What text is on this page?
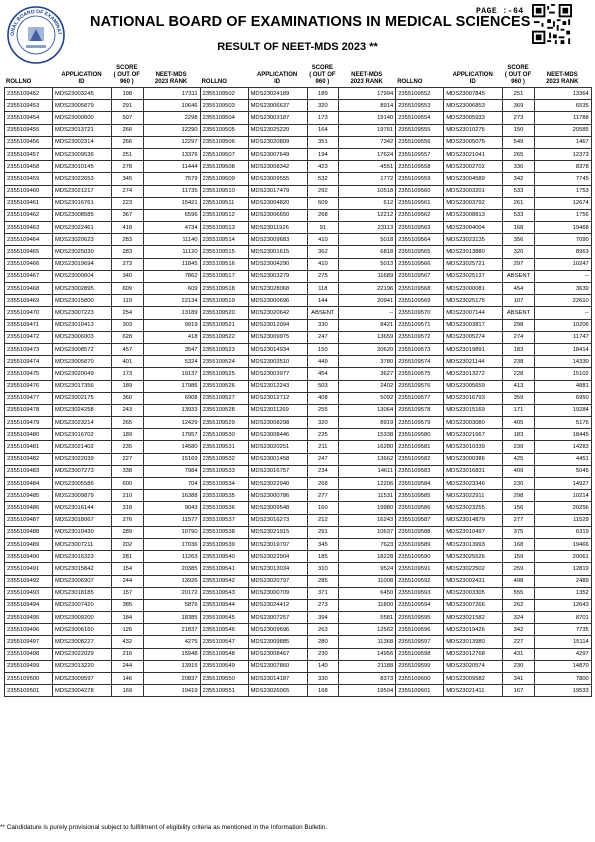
ONAL BOARD OF EXAMINAT
PAGE :-64
NATIONAL BOARD OF EXAMINATIONS IN MEDICAL SCIENCES
RESULT OF NEET-MDS 2023 **
ROLLNO
APPLICATION
ID
SCORE
( OUT OF 960 )
NEET-MDS
2023 RANK
2355109452	MDS23003245	198	17311
2355109453	MDS23005879	291	10646
2355109454	MDS23000600	507	2298
2355109455	MDS23013721	266	12290
2355109456	MDS23002314	266	12297
2355109457	MDS23009536	251	13376
2355109458	MDS23010145	278	11444
2355109459	MDS23022653	345	7579
2355109460	MDS23021217	274	11735
2355109461	MDS23016761	223	15421
2355109462	MDS23008585	367	6596
2355109463	MDS23022461	418	4734
2355109464	MDS23020623	283	11140
2355109465	MDS23025030	283	11120
2355109466	MDS23019694	273	11845
2355109467	MDS23000604	340	7862
2355109468	MDS23002895	609	609
2355109469	MDS23015800	119	22134
2355109470	MDS23007223	254	13189
2355109471	MDS23010413	303	9919
2355109472	MDS23006003	628	418
2355109473	MDS23008572	457	3547
2355109474	MDS23005870	401	5324
2355109475	MDS23020049	173	19137
2355109476	MDS23017356	189	17986
2355109477	MDS23002175	360	6908
2355109478	MDS23024258	243	13933
2355109479	MDS23023214	265	12429
2355109480	MDS23016702	189	17957
2355109481	MDS23021402	235	14580
2355109482	MDS23022039	227	15169
2355109483	MDS23007273	338	7984
2355109484	MDS23005586	600	704
2355109485	MDS23009879	210	16388
2355109486	MDS23016144	318	9043
2355109487	MDS23018067	276	11577
2355109488	MDS23010430	289	10790
2355109489	MDS23007211	202	17036
2355109490	MDS23016323	281	11263
2355109491	MDS23015842	154	20385
2355109492	MDS23006907	244	13926
2355109493	MDS23018185	157	20172
2355109494	MDS23007420	385	5876
2355109495	MDS23009200	184	18385
2355109496	MDS23006160	126	21837
2355109497	MDS23008227	432	4275
2355109498	MDS23022029	216	15948
2355109499	MDS23013220	244	13915
2355109500	MDS23009597	146	20837
2355109501	MDS23004278	169	19419
ROLLNO
APPLICATION
ID
SCORE
( OUT OF 960 )
NEET-MDS
2023 RANK
2355109502	MDS23024189	189	17994
2355109503	MDS23006637	320	8914
2355109504	MDS23003187	173	19140
2355109505	MDS23025220	164	19761
2355109506	MDS23020809	351	7342
2355109507	MDS23007649	194	17624
2355109508	MDS23008342	423	4551
2355109509	MDS23009555	532	1772
2355109510	MDS23017479	292	10518
2355109511	MDS23004820	609	612
2355109512	MDS23006650	268	12212
2355109513	MDS23011926	91	23113
2355109514	MDS23009683	410	5018
2355109515	MDS23001615	362	6818
2355109516	MDS23004290	410	5013
2355109517	MDS23003279	275	11689
2355109518	MDS23028068	118	22196
2355109519	MDS23000696	144	20941
2355109520	MDS23020642	ABSENT	--
2355109521	MDS23012094	330	8421
2355109522	MDS23009975	247	13659
2355109523	MDS23014934	150	20620
2355109524	MDS23003510	449	3780
2355109525	MDS23003977	454	3627
2355109526	MDS23012243	503	2402
2355109527	MDS23012712	408	5092
2355109528	MDS23011269	255	13064
2355109529	MDS23008298	320	8919
2355109530	MDS23008446	225	15338
2355109531	MDS23020251	211	16280
2355109532	MDS23001458	247	13662
2355109533	MDS23016757	234	14611
2355109534	MDS23022940	268	12206
2355109535	MDS23000786	277	11531
2355109536	MDS23009548	160	19980
2355109537	MDS23016273	212	16243
2355109538	MDS23021915	291	10637
2355109539	MDS23019797	345	7623
2355109540	MDS23022904	185	18228
2355109541	MDS23013034	310	9524
2355109542	MDS23020797	285	11008
2355109543	MDS23000709	371	6450
2355109544	MDS23024412	273	11800
2355109545	MDS23007257	394	5581
2355109546	MDS23009696	263	12562
2355109547	MDS23009885	280	11368
2355109548	MDS23008467	230	14956
2355109549	MDS23007860	140	21188
2355109550	MDS23014187	330	8373
2355109551	MDS23026065	168	19504
ROLLNO
APPLICATION
ID
SCORE
( OUT OF 960 )
NEET-MDS
2023 RANK
2355109552	MDS23007845	251	13364
2355109553	MDS23006853	369	6535
2355109554	MDS23005933	273	11788
2355109555	MDS23010275	150	20585
2355109556	MDS23005075	549	1467
2355109557	MDS23021041	265	12373
2355109558	MDS23002702	330	8378
2355109559	MDS23004589	342	7745
2355109560	MDS23003201	533	1753
2355109561	MDS23003792	261	12674
2355109562	MDS23008813	533	1756
2355109563	MDS23004004	168	19468
2355109564	MDS23023135	356	7090
2355109565	MDS23013880	320	8963
2355109566	MDS23025721	297	10247
2355109567	MDS23025137	ABSENT	--
2355109568	MDS23000081	454	3639
2355109569	MDS23025175	107	22610
2355109570	MDS23007144	ABSENT	--
2355109571	MDS23003817	298	10206
2355109572	MDS23005274	274	11747
2355109573	MDS23019891	183	18414
2355109574	MDS23021144	238	14330
2355109575	MDS23013272	228	15102
2355109576	MDS23005659	413	4881
2355109577	MDS23016793	359	6950
2355109578	MDS23015169	171	19284
2355109579	MDS23003080	405	5176
2355109580	MDS23021667	183	18445
2355109581	MDS23010339	239	14283
2355109582	MDS23000386	425	4451
2355109583	MDS23016831	409	5045
2355109584	MDS23023346	230	14927
2355109585	MDS23022911	298	10214
2355109586	MDS23023255	156	20256
2355109587	MDS23014879	277	11529
2355109588	MDS23010497	375	6319
2355109589	MDS23013993	168	19466
2355109590	MDS23025526	159	20061
2355109591	MDS23022502	259	12819
2355109592	MDS23002431	498	2489
2355109593	MDS23003305	555	1352
2355109594	MDS23007266	262	12643
2355109595	MDS23021582	324	8701
2355109596	MDS23019426	342	7735
2355109597	MDS23013980	227	15114
2355109598	MDS23012768	431	4297
2355109599	MDS23020574	230	14870
2355109600	MDS23009582	341	7800
2355109601	MDS23021411	167	19533
** Candidature is purely provisional subject to fulfillment of eligibility criteria as mentioned in the Information Bulletin.
